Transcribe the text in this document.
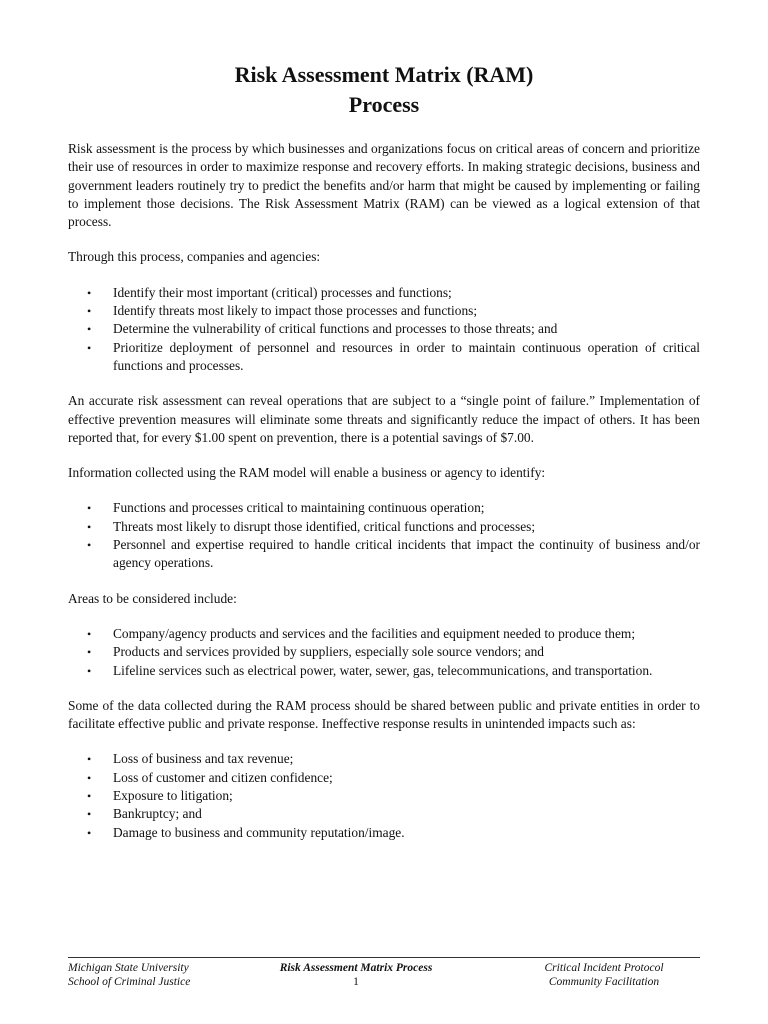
Risk Assessment Matrix (RAM)
Process

Risk assessment is the process by which businesses and organizations focus on critical areas of concern and prioritize their use of resources in order to maximize response and recovery efforts. In making strategic decisions, business and government leaders routinely try to predict the benefits and/or harm that might be caused by implementing or failing to implement those decisions. The Risk Assessment Matrix (RAM) can be viewed as a logical extension of that process.

Through this process, companies and agencies:

• Identify their most important (critical) processes and functions;
• Identify threats most likely to impact those processes and functions;
• Determine the vulnerability of critical functions and processes to those threats; and
• Prioritize deployment of personnel and resources in order to maintain continuous operation of critical functions and processes.

An accurate risk assessment can reveal operations that are subject to a “single point of failure.” Implementation of effective prevention measures will eliminate some threats and significantly reduce the impact of others. It has been reported that, for every $1.00 spent on prevention, there is a potential savings of $7.00.

Information collected using the RAM model will enable a business or agency to identify:

• Functions and processes critical to maintaining continuous operation;
• Threats most likely to disrupt those identified, critical functions and processes;
• Personnel and expertise required to handle critical incidents that impact the continuity of business and/or agency operations.

Areas to be considered include:

• Company/agency products and services and the facilities and equipment needed to produce them;
• Products and services provided by suppliers, especially sole source vendors; and
• Lifeline services such as electrical power, water, sewer, gas, telecommunications, and transportation.

Some of the data collected during the RAM process should be shared between public and private entities in order to facilitate effective public and private response. Ineffective response results in unintended impacts such as:

• Loss of business and tax revenue;
• Loss of customer and citizen confidence;
• Exposure to litigation;
• Bankruptcy; and
• Damage to business and community reputation/image.
Michigan State University
School of Criminal Justice
Risk Assessment Matrix Process
1
Critical Incident Protocol
Community Facilitation
